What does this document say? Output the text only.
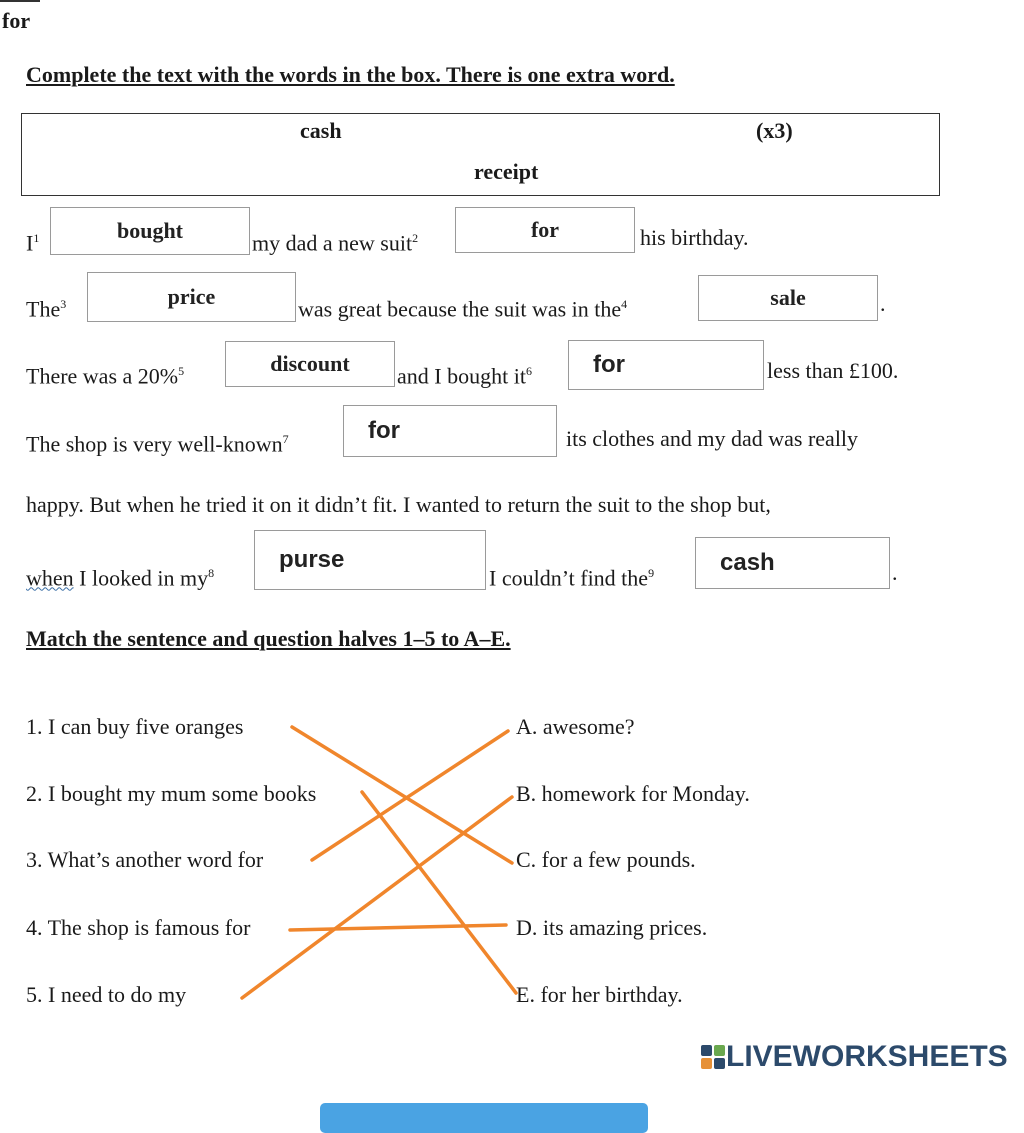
for
Complete the text with the words in the box. There is one extra word.
cash	(x3)
receipt
$I^1$	bought	my dad a new suit$^2$	for	his birthday.
The$^3$	price	was great because the suit was in the$^4$	sale	.
There was a 20%$^5$	discount	and I bought $it^6$	for	less than £100.
The shop is very well-known$^7$	for	its clothes and my dad was really
happy. But when he tried it on it didn’t fit. I wanted to return the suit to the shop but,
when I looked in $my^8$	purse
I couldn’t find the$^9$	cash	.
Match the sentence and question halves 1–5 to A–E.
1. I can buy five oranges
2. I bought my mum some books
3. What’s another word for
4. The shop is famous for
5. I need to do my
A. awesome?
B. homework for Monday.
C. for a few pounds.
D. its amazing prices.
E. for her birthday.
LIVEWORKSHEETS
